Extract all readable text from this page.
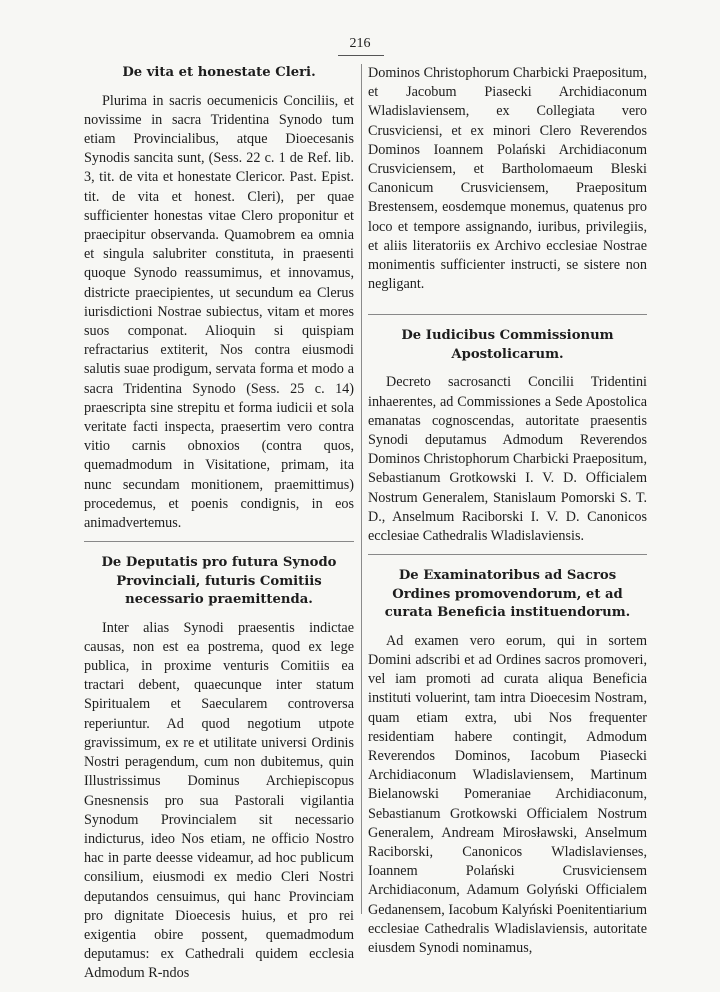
216
De vita et honestate Cleri.
Plurima in sacris oecumenicis Conciliis, et novissime in sacra Tridentina Synodo tum etiam Provincialibus, atque Dioecesanis Synodis sancita sunt, (Sess. 22 c. 1 de Ref. lib. 3, tit. de vita et honestate Clericor. Past. Epist. tit. de vita et honest. Cleri), per quae sufficienter honestas vitae Clero proponitur et praecipitur observanda. Quamobrem ea omnia et singula salubriter constituta, in praesenti quoque Synodo reassumimus, et innovamus, districte praecipientes, ut secundum ea Clerus iurisdictioni Nostrae subiectus, vitam et mores suos componat. Alioquin si quispiam refractarius extiterit, Nos contra eiusmodi salutis suae prodigum, servata forma et modo a sacra Tridentina Synodo (Sess. 25 c. 14) praescripta sine strepitu et forma iudicii et sola veritate facti inspecta, praesertim vero contra vitio carnis obnoxios (contra quos, quemadmodum in Visitatione, primam, ita nunc secundam monitionem, praemittimus) procedemus, et poenis condignis, in eos animadvertemus.
De Deputatis pro futura Synodo Provinciali, futuris Comitiis necessario praemittenda.
Inter alias Synodi praesentis indictae causas, non est ea postrema, quod ex lege publica, in proxime venturis Comitiis ea tractari debent, quaecunque inter statum Spiritualem et Saecularem controversa reperiuntur. Ad quod negotium utpote gravissimum, ex re et utilitate universi Ordinis Nostri peragendum, cum non dubitemus, quin Illustrissimus Dominus Archiepiscopus Gnesnensis pro sua Pastorali vigilantia Synodum Provincialem sit necessario indicturus, ideo Nos etiam, ne officio Nostro hac in parte deesse videamur, ad hoc publicum consilium, eiusmodi ex medio Cleri Nostri deputandos censuimus, qui hanc Provinciam pro dignitate Dioecesis huius, et pro rei exigentia obire possent, quemadmodum deputamus: ex Cathedrali quidem ecclesia Admodum R-ndos
Dominos Christophorum Charbicki Praepositum, et Jacobum Piasecki Archidiaconum Wladislaviensem, ex Collegiata vero Crusviciensi, et ex minori Clero Reverendos Dominos Ioannem Polański Archidiaconum Crusviciensem, et Bartholomaeum Bleski Canonicum Crusviciensem, Praepositum Brestensem, eosdemque monemus, quatenus pro loco et tempore assignando, iuribus, privilegiis, et aliis literatoriis ex Archivo ecclesiae Nostrae monimentis sufficienter instructi, se sistere non negligant.
De Iudicibus Commissionum Apostolicarum.
Decreto sacrosancti Concilii Tridentini inhaerentes, ad Commissiones a Sede Apostolica emanatas cognoscendas, autoritate praesentis Synodi deputamus Admodum Reverendos Dominos Christophorum Charbicki Praepositum, Sebastianum Grotkowski I. V. D. Officialem Nostrum Generalem, Stanislaum Pomorski S. T. D., Anselmum Raciborski I. V. D. Canonicos ecclesiae Cathedralis Wladislaviensis.
De Examinatoribus ad Sacros Ordines promovendorum, et ad curata Beneficia instituendorum.
Ad examen vero eorum, qui in sortem Domini adscribi et ad Ordines sacros promoveri, vel iam promoti ad curata aliqua Beneficia instituti voluerint, tam intra Dioecesim Nostram, quam etiam extra, ubi Nos frequenter residentiam habere contingit, Admodum Reverendos Dominos, Iacobum Piasecki Archidiaconum Wladislaviensem, Martinum Bielanowski Pomeraniae Archidiaconum, Sebastianum Grotkowski Officialem Nostrum Generalem, Andream Mirosławski, Anselmum Raciborski, Canonicos Wladislavienses, Ioannem Polański Crusviciensem Archidiaconum, Adamum Golyński Officialem Gedanensem, Iacobum Kalyński Poenitentiarium ecclesiae Cathedralis Wladislaviensis, autoritate eiusdem Synodi nominamus,
